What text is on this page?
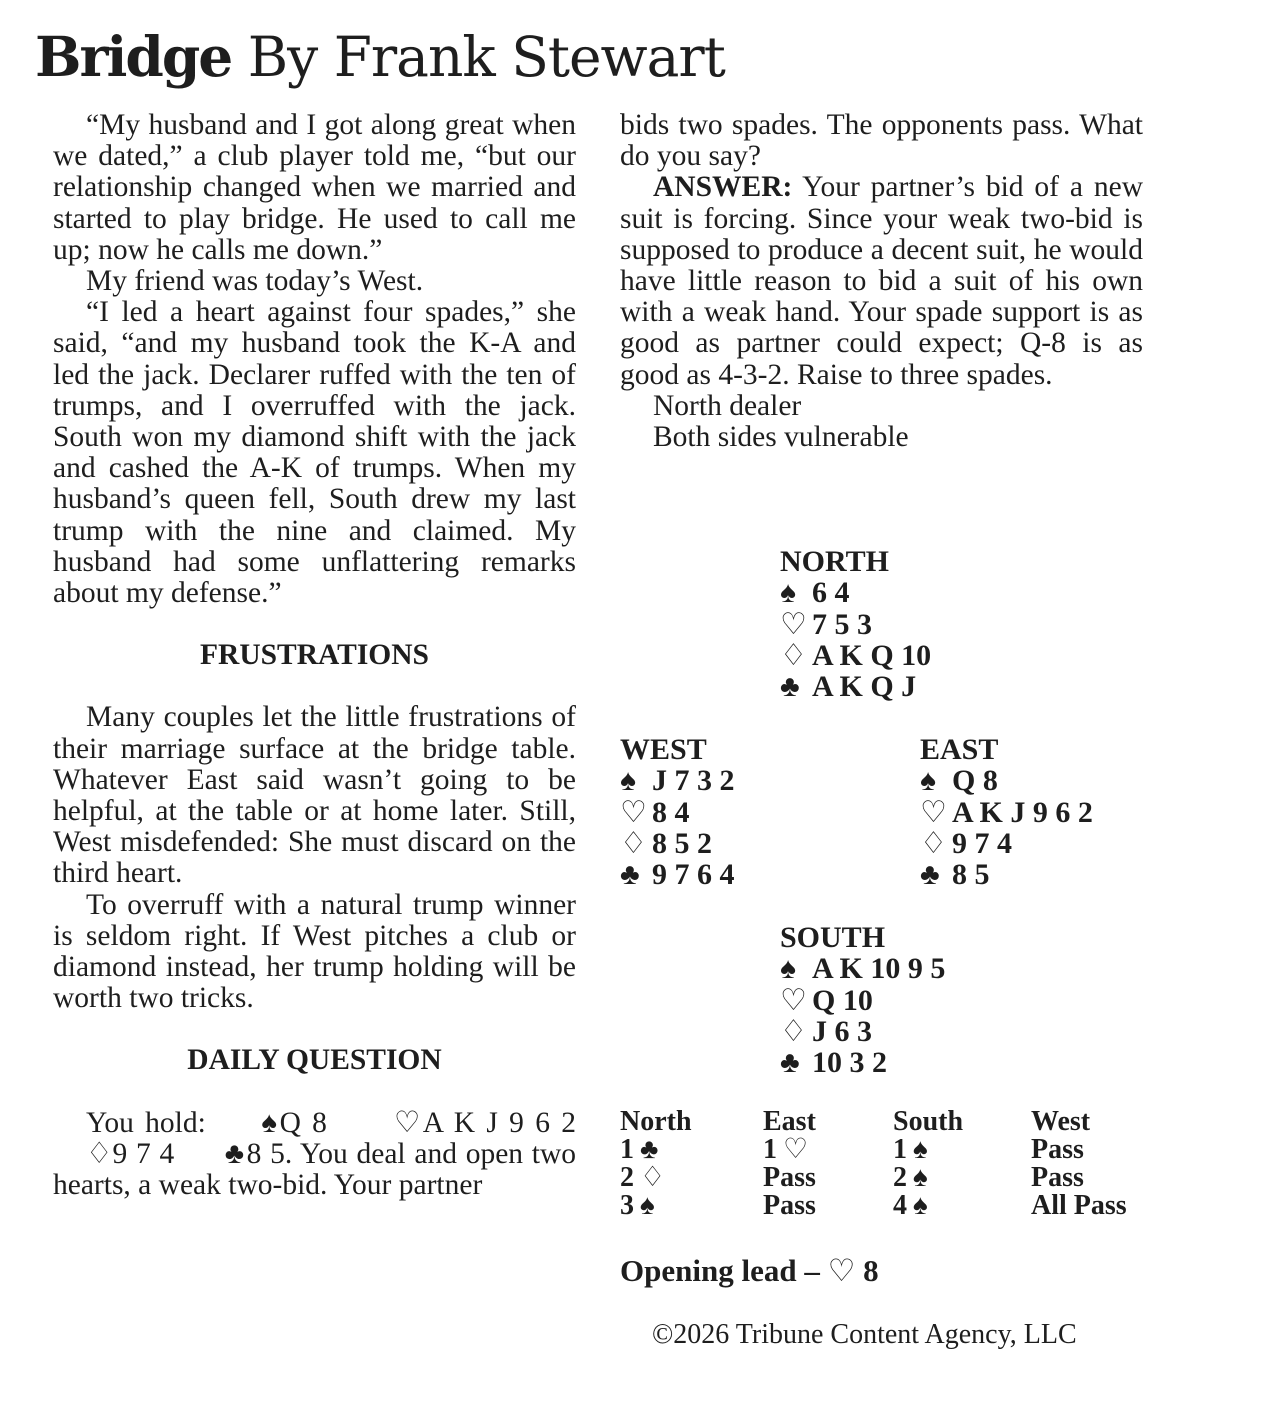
Bridge By Frank Stewart

“My husband and I got along great when we dated,” a club player told me, “but our relationship changed when we married and started to play bridge. He used to call me up; now he calls me down.”

My friend was today’s West.

“I led a heart against four spades,” she said, “and my husband took the K-A and led the jack. Declarer ruffed with the ten of trumps, and I overruffed with the jack. South won my diamond shift with the jack and cashed the A-K of trumps. When my husband’s queen fell, South drew my last trump with the nine and claimed. My husband had some unflattering remarks about my defense.”

FRUSTRATIONS

Many couples let the little frustrations of their marriage surface at the bridge table. Whatever East said wasn’t going to be helpful, at the table or at home later. Still, West misdefended: She must discard on the third heart.

To overruff with a natural trump winner is seldom right. If West pitches a club or diamond instead, her trump holding will be worth two tricks.

DAILY QUESTION

You hold: ♠ Q 8 ♡ A K J 9 6 2 ♢9 7 4 ♣ 8 5. You deal and open two hearts, a weak two-bid. Your partner

bids two spades. The opponents pass. What do you say?

ANSWER: Your partner’s bid of a new suit is forcing. Since your weak two-bid is supposed to produce a decent suit, he would have little reason to bid a suit of his own with a weak hand. Your spade support is as good as partner could expect; Q-8 is as good as 4-3-2. Raise to three spades.

North dealer

Both sides vulnerable

NORTH
♠ 6 4
♡ 7 5 3
♢ A K Q 10
♣ A K Q J
WEST
♠ J 7 3 2
♡ 8 4
♢ 8 5 2
♣ 9 7 6 4
EAST
♠ Q 8
♡ A K J 9 6 2
♢ 9 7 4
♣ 8 5
SOUTH
♠ A K 10 9 5
♡ Q 10
♢ J 6 3
♣ 10 3 2
North	East	South	West
1 ♣	1 ♡	1 ♠	Pass
2 ♢	Pass	2 ♠	Pass
3 ♠	Pass	4 ♠	All Pass
Opening lead – ♡ 8
©2026 Tribune Content Agency, LLC
